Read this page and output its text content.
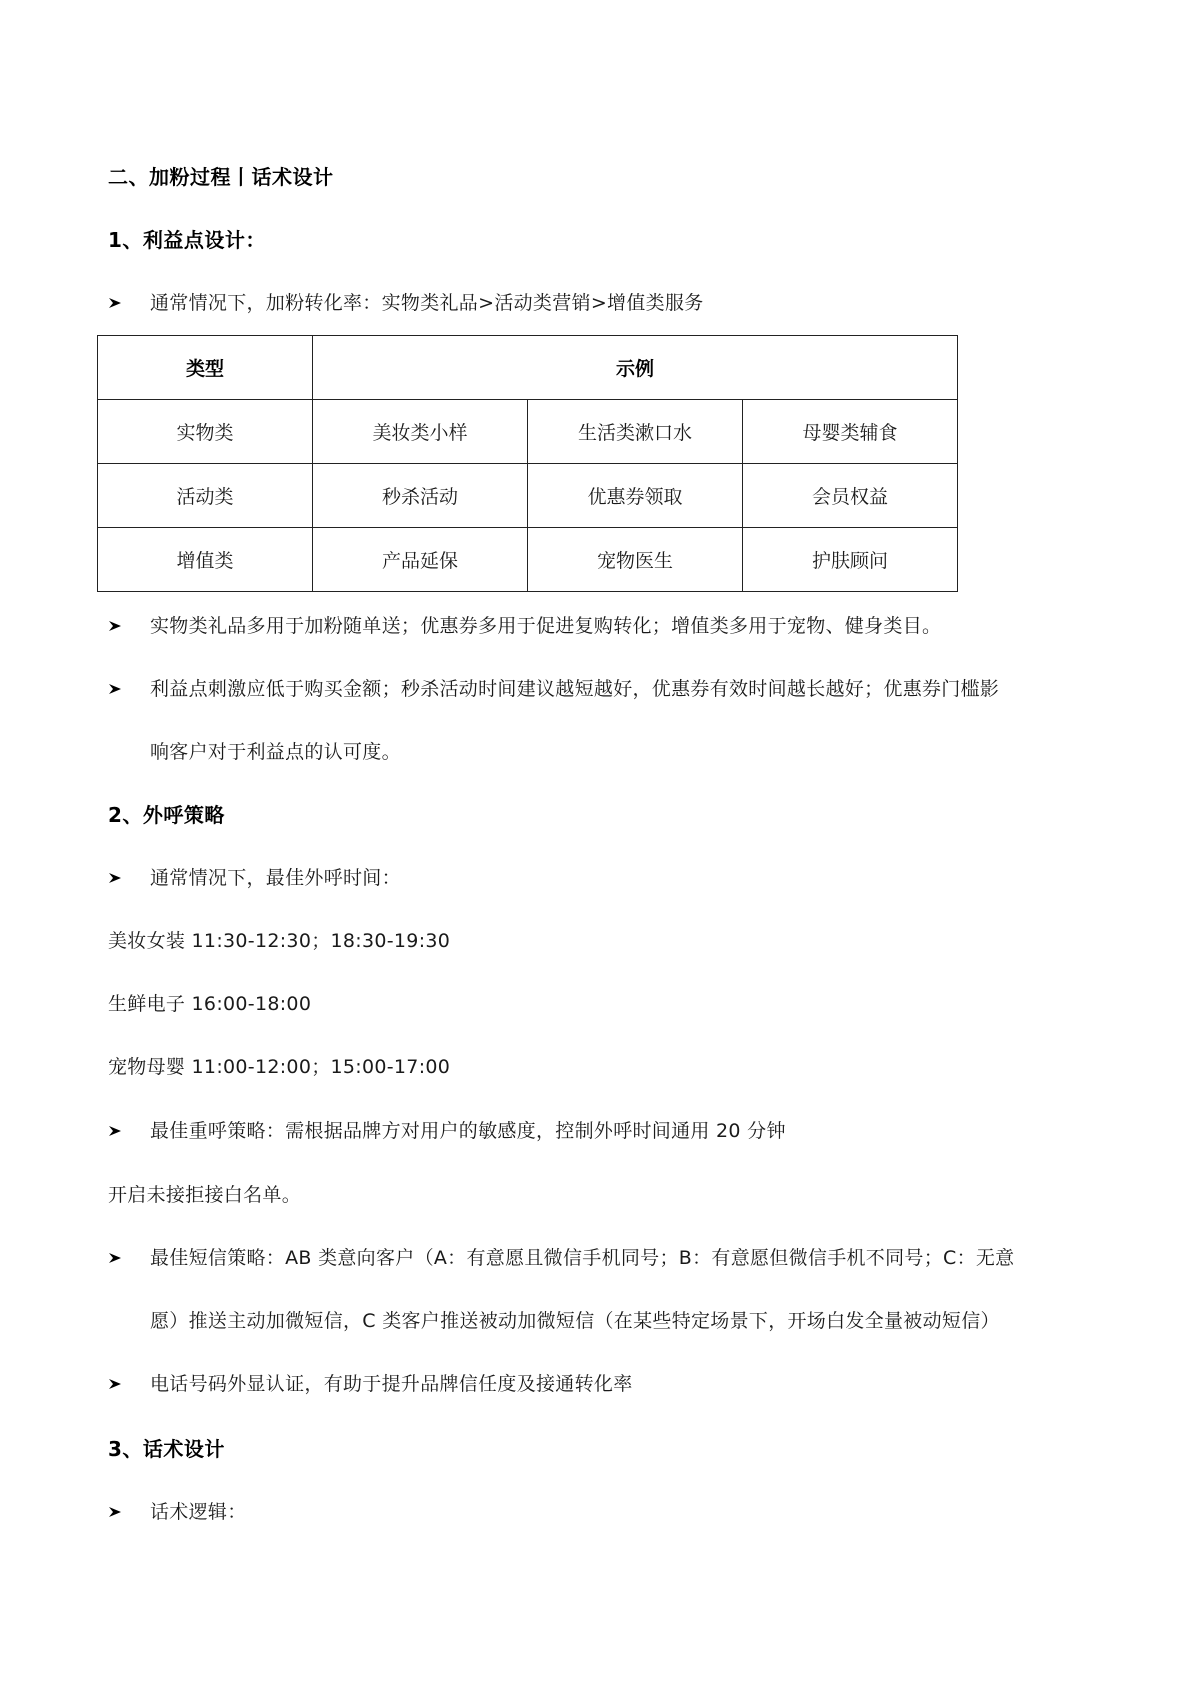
二、加粉过程丨话术设计
1、利益点设计：
通常情况下，加粉转化率：实物类礼品>活动类营销>增值类服务
类型	示例		
实物类	美妆类小样	生活类漱口水	母婴类辅食
活动类	秒杀活动	优惠券领取	会员权益
增值类	产品延保	宠物医生	护肤顾问
实物类礼品多用于加粉随单送；优惠券多用于促进复购转化；增值类多用于宠物、健身类目。
利益点刺激应低于购买金额；秒杀活动时间建议越短越好，优惠券有效时间越长越好；优惠券门槛影
响客户对于利益点的认可度。
2、外呼策略
通常情况下，最佳外呼时间：
美妆女装 11:30-12:30；18:30-19:30
生鲜电子 16:00-18:00
宠物母婴 11:00-12:00；15:00-17:00
最佳重呼策略：需根据品牌方对用户的敏感度，控制外呼时间通用 20 分钟
开启未接拒接白名单。
最佳短信策略：AB 类意向客户（A：有意愿且微信手机同号；B：有意愿但微信手机不同号；C：无意
愿）推送主动加微短信，C 类客户推送被动加微短信（在某些特定场景下，开场白发全量被动短信）
电话号码外显认证，有助于提升品牌信任度及接通转化率
3、话术设计
话术逻辑：
